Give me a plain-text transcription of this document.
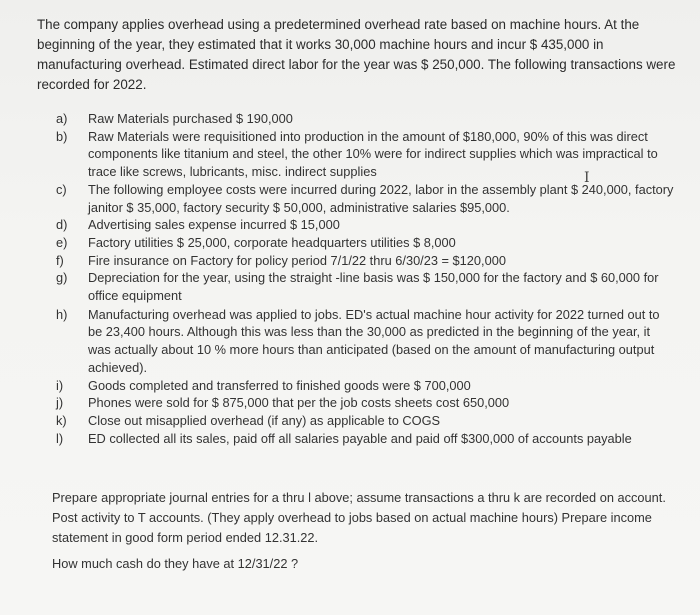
The company applies overhead using a predetermined overhead rate based on machine hours. At the beginning of the year, they estimated that it works 30,000 machine hours and incur $ 435,000 in manufacturing overhead. Estimated direct labor for the year was $ 250,000. The following transactions were recorded for 2022.
a)	Raw Materials purchased $ 190,000
b)	Raw Materials were requisitioned into production in the amount of $180,000, 90% of this was direct components like titanium and steel, the other 10% were for indirect supplies which was impractical to trace like screws, lubricants, misc. indirect supplies
c)	The following employee costs were incurred during 2022, labor in the assembly plant $ 240,000, factory janitor $ 35,000, factory security $ 50,000, administrative salaries $95,000.
d)	Advertising sales expense incurred $ 15,000
e)	Factory utilities $ 25,000, corporate headquarters utilities $ 8,000
f)	Fire insurance on Factory for policy period 7/1/22 thru 6/30/23 = $120,000
g)	Depreciation for the year, using the straight -line basis was $ 150,000 for the factory and $ 60,000 for office equipment
h)	Manufacturing overhead was applied to jobs. ED's actual machine hour activity for 2022 turned out to be 23,400 hours. Although this was less than the 30,000 as predicted in the beginning of the year, it was actually about 10 % more hours than anticipated (based on the amount of manufacturing output achieved).
i)	Goods completed and transferred to finished goods were $ 700,000
j)	Phones were sold for $ 875,000 that per the job costs sheets cost 650,000
k)	Close out misapplied overhead (if any) as applicable to COGS
l)	ED collected all its sales, paid off all salaries payable and paid off $300,000 of accounts payable
I
Prepare appropriate journal entries for a thru l above; assume transactions a thru k are recorded on account. Post activity to T accounts. (They apply overhead to jobs based on actual machine hours) Prepare income statement in good form period ended 12.31.22.
How much cash do they have at 12/31/22 ?
